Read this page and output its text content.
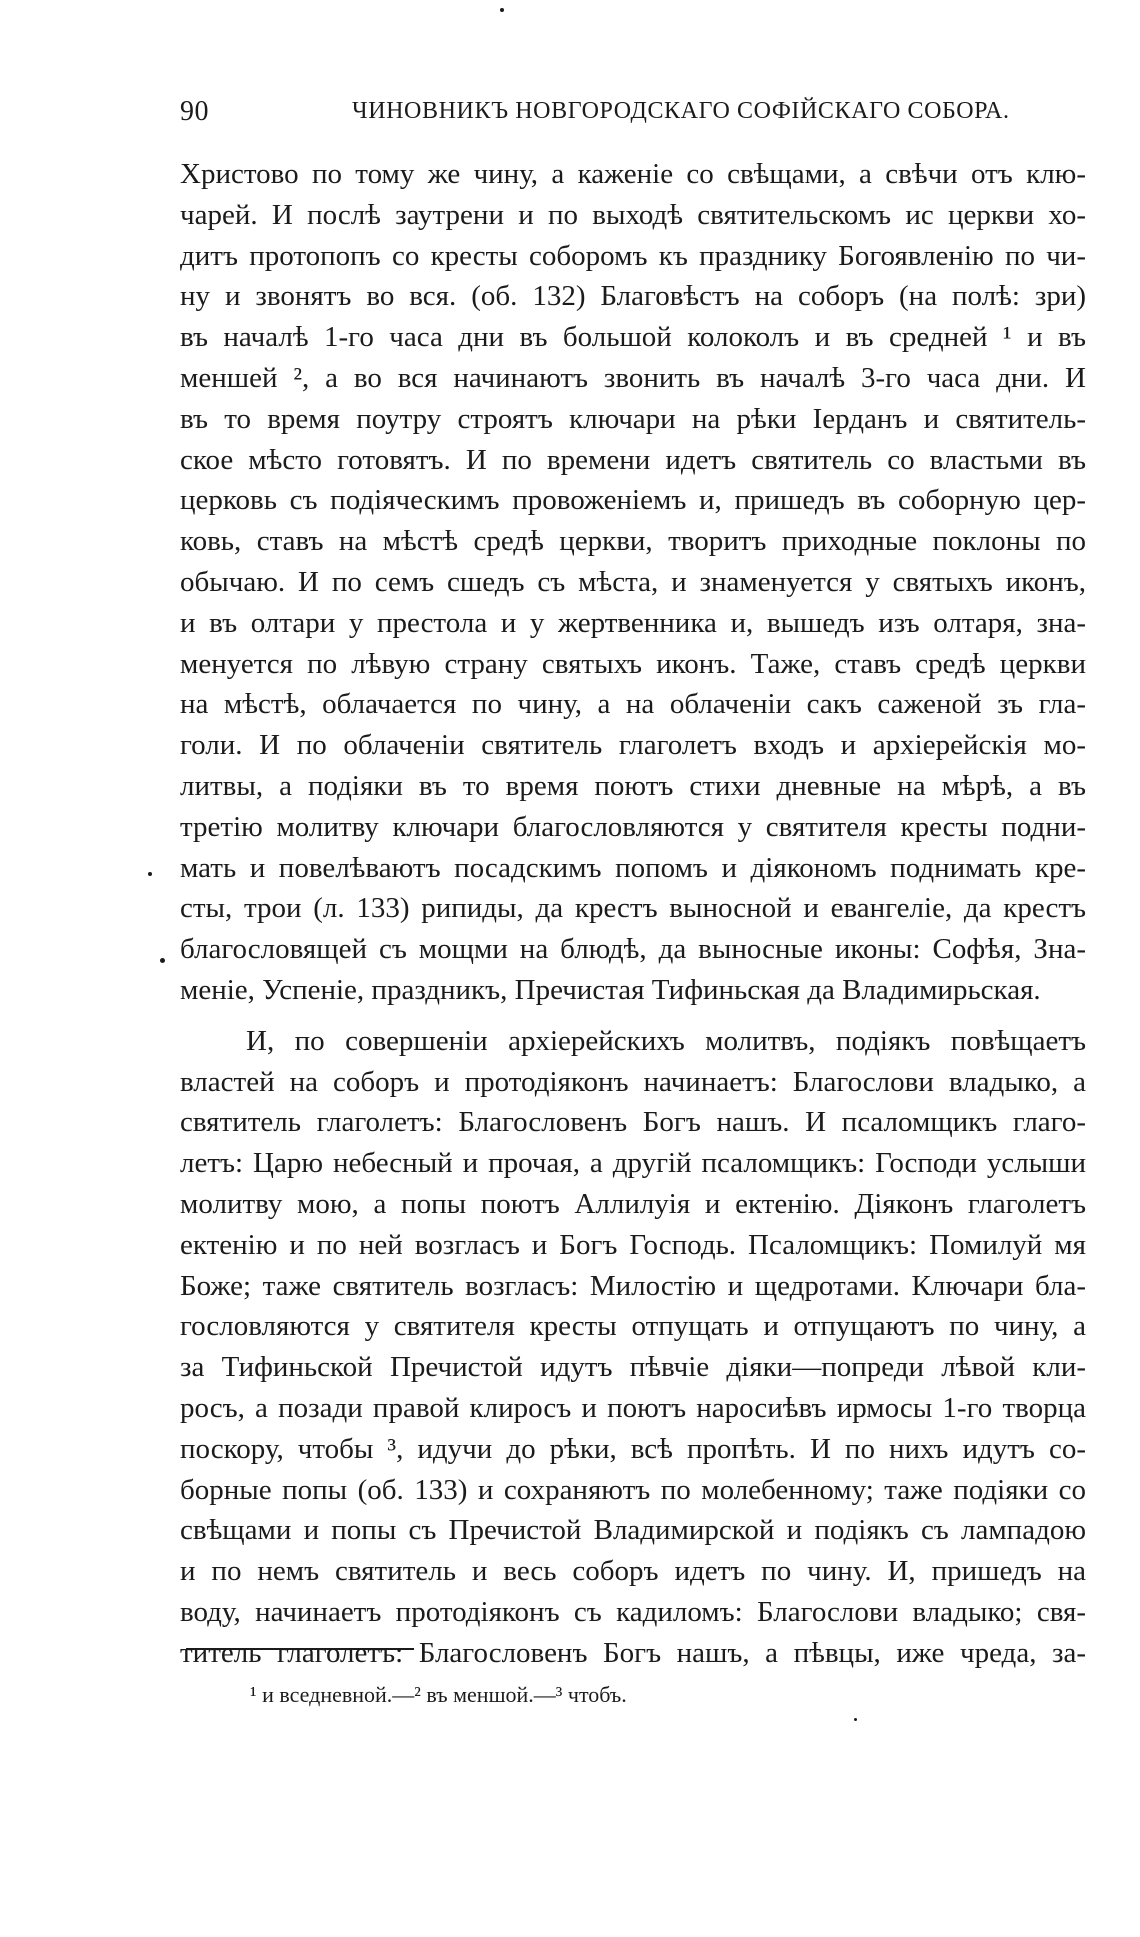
90	ЧИНОВНИКЪ НОВГОРОДСКАГО СОФІЙСКАГО СОБОРА.
Христово по тому же чину, а каженіе со свѣщами, а свѣчи отъ клю-
чарей. И послѣ заутрени и по выходѣ святительскомъ ис церкви хо-
дитъ протопопъ со кресты соборомъ къ празднику Богоявленію по чи-
ну и звонятъ во вся. (об. 132) Благовѣстъ на соборъ (на полѣ: зри)
въ началѣ 1-го часа дни въ большой колоколъ и въ средней ¹ и въ
меншей ², а во вся начинаютъ звонить въ началѣ 3-го часа дни. И
въ то время поутру строятъ ключари на рѣки Іерданъ и святитель-
ское мѣсто готовятъ. И по времени идетъ святитель со властьми въ
церковь съ подіяческимъ провоженіемъ и, пришедъ въ соборную цер-
ковь, ставъ на мѣстѣ средѣ церкви, творитъ приходные поклоны по
обычаю. И по семъ сшедъ съ мѣста, и знаменуется у святыхъ иконъ,
и въ олтари у престола и у жертвенника и, вышедъ изъ олтаря, зна-
менуется по лѣвую страну святыхъ иконъ. Таже, ставъ средѣ церкви
на мѣстѣ, облачается по чину, а на облаченіи сакъ саженой зъ гла-
голи. И по облаченіи святитель глаголетъ входъ и архіерейскія мо-
литвы, а подіяки въ то время поютъ стихи дневные на мѣрѣ, а въ
третію молитву ключари благословляются у святителя кресты подни-
мать и повелѣваютъ посадскимъ попомъ и діякономъ поднимать кре-
сты, трои (л. 133) рипиды, да крестъ выносной и евангеліе, да крестъ
благословящей съ мощми на блюдѣ, да выносные иконы: Софѣя, Зна-
меніе, Успеніе, праздникъ, Пречистая Тифиньская да Владимирьская.
И, по совершеніи архіерейскихъ молитвъ, подіякъ повѣщаетъ
властей на соборъ и протодіяконъ начинаетъ: Благослови владыко, а
святитель глаголетъ: Благословенъ Богъ нашъ. И псаломщикъ глаго-
летъ: Царю небесный и прочая, а другій псаломщикъ: Господи услыши
молитву мою, а попы поютъ Аллилуія и ектенію. Діяконъ глаголетъ
ектенію и по ней возгласъ и Богъ Господь. Псаломщикъ: Помилуй мя
Боже; таже святитель возгласъ: Милостію и щедротами. Ключари бла-
гословляются у святителя кресты отпущать и отпущаютъ по чину, а
за Тифиньской Пречистой идутъ пѣвчіе діяки—попреди лѣвой кли-
росъ, а позади правой клиросъ и поютъ наросиѣвъ ирмосы 1-го творца
поскору, чтобы ³, идучи до рѣки, всѣ пропѣть. И по нихъ идутъ со-
борные попы (об. 133) и сохраняютъ по молебенному; таже подіяки со
свѣщами и попы съ Пречистой Владимирской и подіякъ съ лампадою
и по немъ святитель и весь соборъ идетъ по чину. И, пришедъ на
воду, начинаетъ протодіяконъ съ кадиломъ: Благослови владыко; свя-
титель глаголетъ: Благословенъ Богъ нашъ, а пѣвцы, иже чреда, за-
¹ и вседневной.—² въ меншой.—³ чтобъ.
